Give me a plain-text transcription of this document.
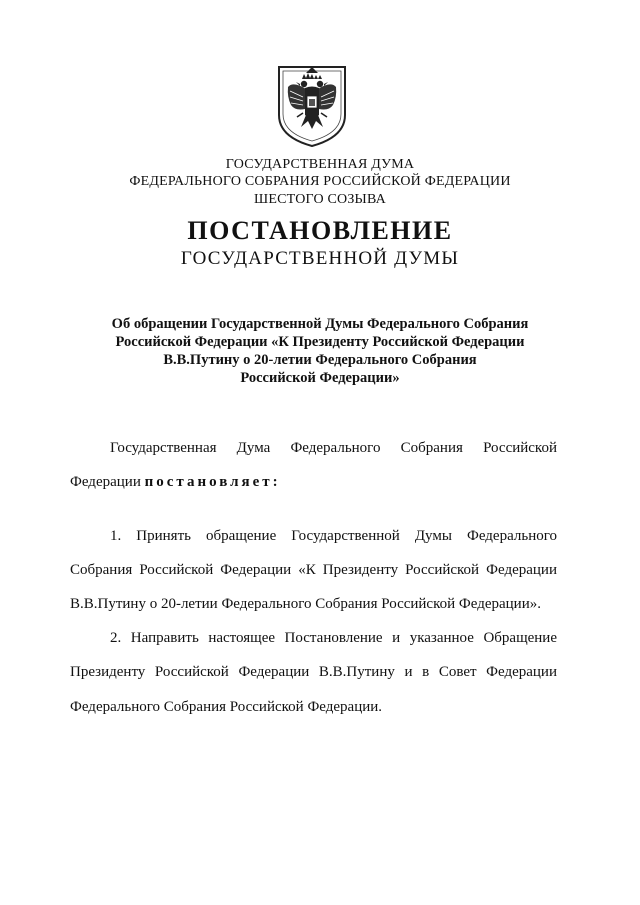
ГОСУДАРСТВЕННАЯ ДУМА
ФЕДЕРАЛЬНОГО СОБРАНИЯ РОССИЙСКОЙ ФЕДЕРАЦИИ
ШЕСТОГО СОЗЫВА
ПОСТАНОВЛЕНИЕ
ГОСУДАРСТВЕННОЙ ДУМЫ
Об обращении Государственной Думы Федерального Собрания
Российской Федерации «К Президенту Российской Федерации
В.В.Путину о 20-летии Федерального Собрания
Российской Федерации»
Государственная Дума Федерального Собрания Российской
Федерации постановляет:
1. Принять обращение Государственной Думы Федерального
Собрания Российской Федерации «К Президенту Российской Федерации
В.В.Путину о 20-летии Федерального Собрания Российской Федерации».
2. Направить настоящее Постановление и указанное Обращение
Президенту Российской Федерации В.В.Путину и в Совет Федерации
Федерального Собрания Российской Федерации.
